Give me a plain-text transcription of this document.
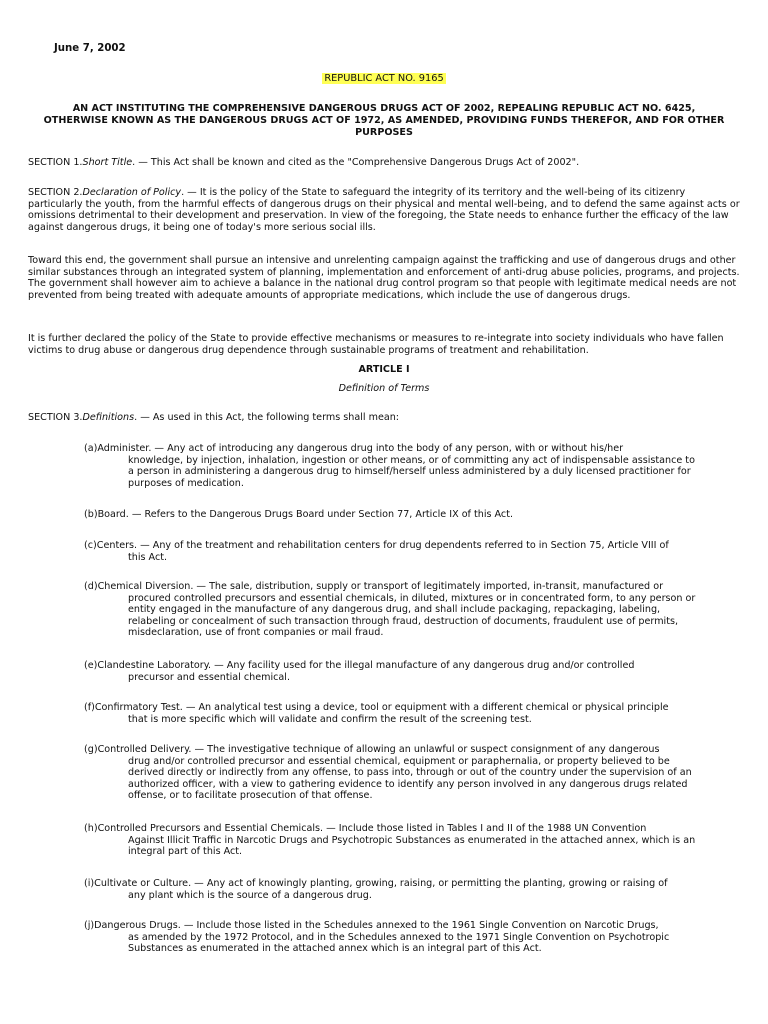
June 7, 2002
REPUBLIC ACT NO. 9165
AN ACT INSTITUTING THE COMPREHENSIVE DANGEROUS DRUGS ACT OF 2002, REPEALING REPUBLIC ACT NO. 6425, OTHERWISE KNOWN AS THE DANGEROUS DRUGS ACT OF 1972, AS AMENDED, PROVIDING FUNDS THEREFOR, AND FOR OTHER PURPOSES

SECTION 1.Short Title. — This Act shall be known and cited as the "Comprehensive Dangerous Drugs Act of 2002".

SECTION 2.Declaration of Policy. — It is the policy of the State to safeguard the integrity of its territory and the well-being of its citizenry particularly the youth, from the harmful effects of dangerous drugs on their physical and mental well-being, and to defend the same against acts or omissions detrimental to their development and preservation. In view of the foregoing, the State needs to enhance further the efficacy of the law against dangerous drugs, it being one of today's more serious social ills.

Toward this end, the government shall pursue an intensive and unrelenting campaign against the trafficking and use of dangerous drugs and other similar substances through an integrated system of planning, implementation and enforcement of anti-drug abuse policies, programs, and projects. The government shall however aim to achieve a balance in the national drug control program so that people with legitimate medical needs are not prevented from being treated with adequate amounts of appropriate medications, which include the use of dangerous drugs.

It is further declared the policy of the State to provide effective mechanisms or measures to re-integrate into society individuals who have fallen victims to drug abuse or dangerous drug dependence through sustainable programs of treatment and rehabilitation.

ARTICLE I
Definition of Terms

SECTION 3.Definitions. — As used in this Act, the following terms shall mean:

(a)Administer. — Any act of introducing any dangerous drug into the body of any person, with or without his/her
knowledge, by injection, inhalation, ingestion or other means, or of committing any act of indispensable assistance to a person in administering a dangerous drug to himself/herself unless administered by a duly licensed practitioner for purposes of medication.

(b)Board. — Refers to the Dangerous Drugs Board under Section 77, Article IX of this Act.

(c)Centers. — Any of the treatment and rehabilitation centers for drug dependents referred to in Section 75, Article VIII of
this Act.

(d)Chemical Diversion. — The sale, distribution, supply or transport of legitimately imported, in-transit, manufactured or
procured controlled precursors and essential chemicals, in diluted, mixtures or in concentrated form, to any person or entity engaged in the manufacture of any dangerous drug, and shall include packaging, repackaging, labeling, relabeling or concealment of such transaction through fraud, destruction of documents, fraudulent use of permits, misdeclaration, use of front companies or mail fraud.

(e)Clandestine Laboratory. — Any facility used for the illegal manufacture of any dangerous drug and/or controlled
precursor and essential chemical.

(f)Confirmatory Test. — An analytical test using a device, tool or equipment with a different chemical or physical principle
that is more specific which will validate and confirm the result of the screening test.

(g)Controlled Delivery. — The investigative technique of allowing an unlawful or suspect consignment of any dangerous
drug and/or controlled precursor and essential chemical, equipment or paraphernalia, or property believed to be derived directly or indirectly from any offense, to pass into, through or out of the country under the supervision of an authorized officer, with a view to gathering evidence to identify any person involved in any dangerous drugs related offense, or to facilitate prosecution of that offense.

(h)Controlled Precursors and Essential Chemicals. — Include those listed in Tables I and II of the 1988 UN Convention
Against Illicit Traffic in Narcotic Drugs and Psychotropic Substances as enumerated in the attached annex, which is an integral part of this Act.

(i)Cultivate or Culture. — Any act of knowingly planting, growing, raising, or permitting the planting, growing or raising of
any plant which is the source of a dangerous drug.

(j)Dangerous Drugs. — Include those listed in the Schedules annexed to the 1961 Single Convention on Narcotic Drugs,
as amended by the 1972 Protocol, and in the Schedules annexed to the 1971 Single Convention on Psychotropic Substances as enumerated in the attached annex which is an integral part of this Act.
